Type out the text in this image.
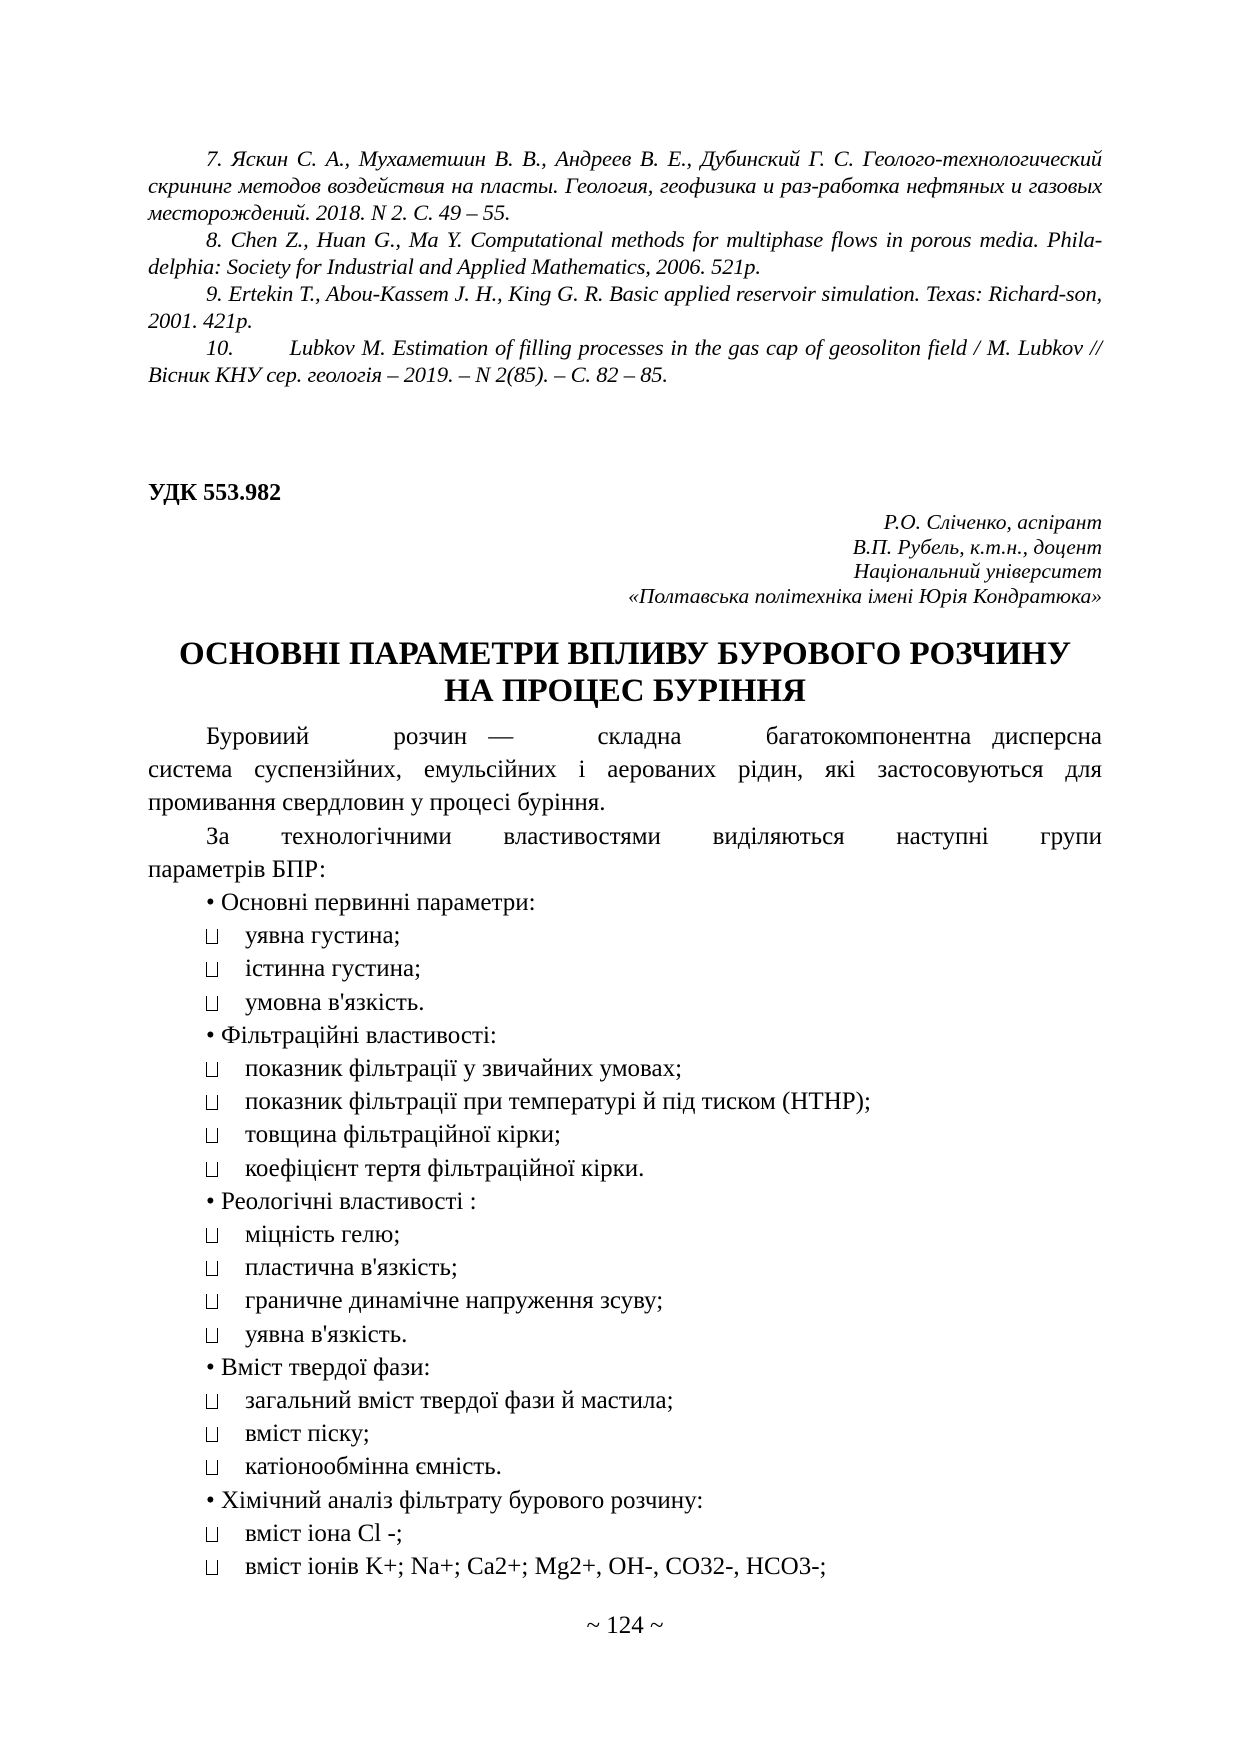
7. Яскин С. А., Мухаметшин В. В., Андреев В. Е., Дубинский Г. С. Геолого-технологический скрининг методов воздействия на пласты. Геология, геофизика и раз-работка нефтяных и газовых месторождений. 2018. N 2. С. 49 – 55.
8. Chen Z., Huan G., Ma Y. Computational methods for multiphase flows in porous media. Phila-delphia: Society for Industrial and Applied Mathematics, 2006. 521p.
9. Ertekin T., Abou-Kassem J. H., King G. R. Basic applied reservoir simulation. Texas: Richard-son, 2001. 421p.
10. Lubkov M. Estimation of filling processes in the gas cap of geosoliton field / M. Lubkov // Вісник КНУ сер. геологія – 2019. – N 2(85). – С. 82 – 85.
УДК 553.982
Р.О. Сліченко, аспірант
В.П. Рубель, к.т.н., доцент
Національний університет
«Полтавська політехніка імені Юрія Кондратюка»
ОСНОВНІ ПАРАМЕТРИ ВПЛИВУ БУРОВОГО РОЗЧИНУ
НА ПРОЦЕС БУРІННЯ
Буровиий    розчин —    складна    багатокомпонентна дисперсна
система суспензійних, емульсійних і аерованих рідин, які застосовуються для промивання свердловин у процесі буріння.
За технологічними властивостями виділяються наступні групи
параметрів БПР:
• Основні первинні параметри:
уявна густина;
істинна густина;
умовна в'язкість.
• Фільтраційні властивості:
показник фільтрації у звичайних умовах;
показник фільтрації при температурі й під тиском (HTHP);
товщина фільтраційної кірки;
коефіцієнт тертя фільтраційної кірки.
• Реологічні властивості :
міцність гелю;
пластична в'язкість;
граничне динамічне напруження зсуву;
уявна в'язкість.
• Вміст твердої фази:
загальний вміст твердої фази й мастила;
вміст піску;
катіонообмінна ємність.
• Хімічний аналіз фільтрату бурового розчину:
вміст іона Cl -;
вміст іонів K+; Na+; Ca2+; Mg2+, OH-, CO32-, HCO3-;
~ 124 ~
